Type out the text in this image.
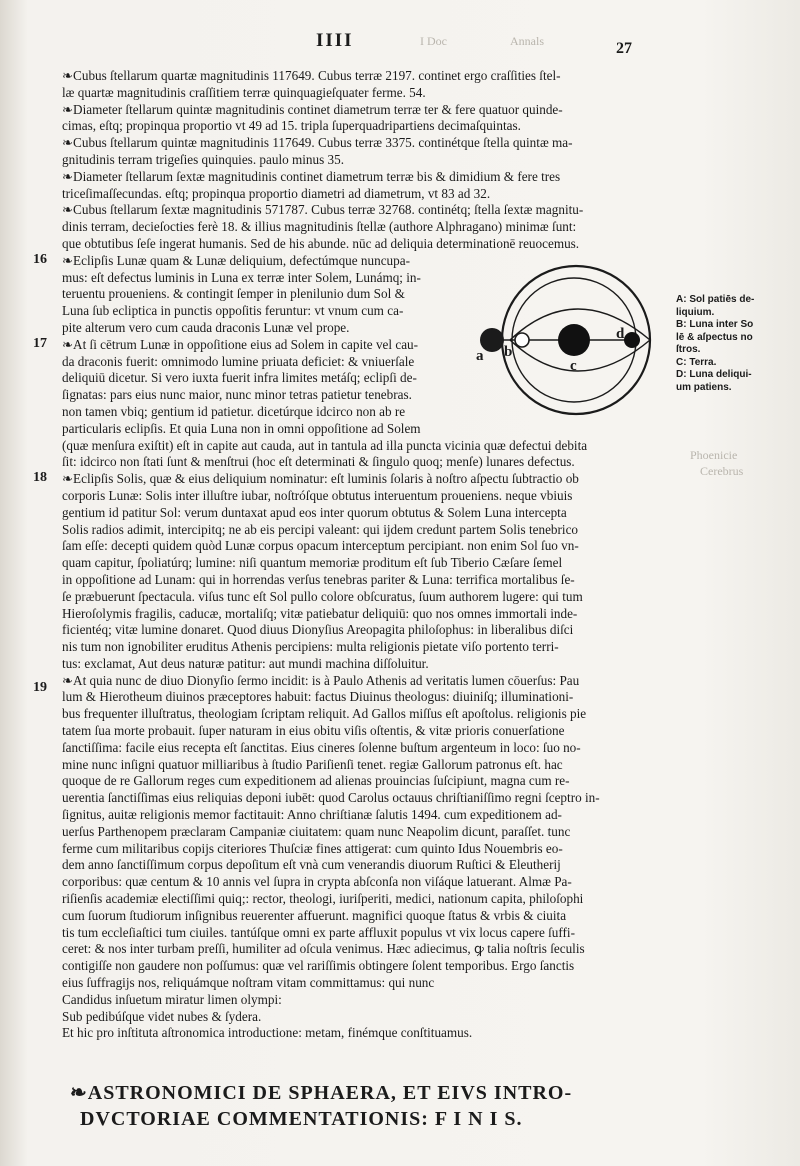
IIII	27
I Doc	Annals
Phoenicie
Cerebrus
16
17
18
19
❧Cubus ſtellarum quartæ magnitudinis 117649. Cubus terræ 2197. continet ergo craſſities ſtel-
læ quartæ magnitudinis craſſitiem terræ quinquagieſquater ferme. 54.
❧Diameter ſtellarum quintæ magnitudinis continet diametrum terræ ter & fere quatuor quinde-
cimas, eſtq; propinqua proportio vt 49 ad 15. tripla ſuperquadripartiens decimaſquintas.
❧Cubus ſtellarum quintæ magnitudinis 117649. Cubus terræ 3375. continétque ſtella quintæ ma-
gnitudinis terram trigeſies quinquies. paulo minus 35.
❧Diameter ſtellarum ſextæ magnitudinis continet diametrum terræ bis & dimidium & fere tres
triceſimaſſecundas. eſtq; propinqua proportio diametri ad diametrum, vt 83 ad 32.
❧Cubus ſtellarum ſextæ magnitudinis 571787. Cubus terræ 32768. continétq; ſtella ſextæ magnitu-
dinis terram, decieſocties ferè 18. & illius magnitudinis ſtellæ (authore Alphragano) minimæ ſunt:
que obtutibus ſeſe ingerat humanis. Sed de his abunde. nūc ad deliquia determinationē reuocemus.
❧Eclipſis Lunæ quam & Lunæ deliquium, defectúmque nuncupa-
mus: eſt defectus luminis in Luna ex terræ inter Solem, Lunámq; in-
teruentu proueniens. & contingit ſemper in plenilunio dum Sol &
Luna ſub ecliptica in punctis oppoſitis feruntur: vt vnum cum ca-
pite alterum vero cum cauda draconis Lunæ vel prope.
❧At ſi cētrum Lunæ in oppoſitione eius ad Solem in capite vel cau-
da draconis fuerit: omnimodo lumine priuata deficiet: & vniuerſale
deliquiū dicetur. Si vero iuxta fuerit infra limites metáſq; eclipſi de-
ſignatas: pars eius nunc maior, nunc minor tetras patietur tenebras.
non tamen vbiq; gentium id patietur. dicetúrque idcirco non ab re
particularis eclipſis. Et quia Luna non in omni oppoſitione ad Solem
(quæ menſura exiſtit) eſt in capite aut cauda, aut in tantula ad illa puncta vicinia quæ defectui debita
ſit: idcirco non ſtati ſunt & menſtrui (hoc eſt determinati & ſingulo quoq; menſe) lunares defectus.
❧Eclipſis Solis, quæ & eius deliquium nominatur: eſt luminis ſolaris à noſtro aſpectu ſubtractio ob
corporis Lunæ: Solis inter illuſtre iubar, noſtróſque obtutus interuentum proueniens. neque vbiuis
gentium id patitur Sol: verum duntaxat apud eos inter quorum obtutus & Solem Luna intercepta
Solis radios adimit, intercipitq; ne ab eis percipi valeant: qui ijdem credunt partem Solis tenebrico
ſam eſſe: decepti quidem quòd Lunæ corpus opacum interceptum percipiant. non enim Sol ſuo vn-
quam capitur, ſpoliatúrq; lumine: niſi quantum memoriæ proditum eſt ſub Tiberio Cæſare ſemel
in oppoſitione ad Lunam: qui in horrendas verſus tenebras pariter & Luna: terrifica mortalibus ſe-
ſe præbuerunt ſpectacula. viſus tunc eſt Sol pullo colore obſcuratus, ſuum authorem lugere: qui tum
Hieroſolymis fragilis, caducæ, mortaliſq; vitæ patiebatur deliquiū: quo nos omnes immortali inde-
ficientéq; vitæ lumine donaret. Quod diuus Dionyſius Areopagita philoſophus: in liberalibus diſci
nis tum non ignobiliter eruditus Athenis percipiens: multa religionis pietate viſo portento terri-
tus: exclamat, Aut deus naturæ patitur: aut mundi machina diſſoluitur.
❧At quia nunc de diuo Dionyſio ſermo incidit: is à Paulo Athenis ad veritatis lumen cōuerſus: Pau
lum & Hierotheum diuinos præceptores habuit: factus Diuinus theologus: diuiniſq; illuminationi-
bus frequenter illuſtratus, theologiam ſcriptam reliquit. Ad Gallos miſſus eſt apoſtolus. religionis pie
tatem ſua morte probauit. ſuper naturam in eius obitu viſis oſtentis, & vitæ prioris conuerſatione
ſanctiſſima: facile eius recepta eſt ſanctitas. Eius cineres ſolenne buſtum argenteum in loco: ſuo no-
mine nunc inſigni quatuor milliaribus à ſtudio Pariſienſi tenet. regiæ Gallorum patronus eſt. hac
quoque de re Gallorum reges cum expeditionem ad alienas prouincias ſuſcipiunt, magna cum re-
uerentia ſanctiſſimas eius reliquias deponi iubēt: quod Carolus octauus chriſtianiſſimo regni ſceptro in-
ſignitus, auitæ religionis memor factitauit: Anno chriſtianæ ſalutis 1494. cum expeditionem ad-
uerſus Parthenopem præclaram Campaniæ ciuitatem: quam nunc Neapolim dicunt, paraſſet. tunc
ferme cum militaribus copijs citeriores Thuſciæ fines attigerat: cum quinto Idus Nouembris eo-
dem anno ſanctiſſimum corpus depoſitum eſt vnà cum venerandis diuorum Ruſtici & Eleutherij
corporibus: quæ centum & 10 annis vel ſupra in crypta abſconſa non viſáque latuerant. Almæ Pa-
riſienſis academiæ electiſſimi quiq;: rector, theologi, iuriſperiti, medici, nationum capita, philoſophi
cum ſuorum ſtudiorum inſignibus reuerenter affuerunt. magnifici quoque ſtatus & vrbis & ciuita
tis tum eccleſiaſtici tum ciuiles. tantúſque omni ex parte affluxit populus vt vix locus capere ſuffi-
ceret: & nos inter turbam preſſi, humiliter ad oſcula venimus. Hæc adiecimus, ꝙ talia noſtris ſeculis
contigiſſe non gaudere non poſſumus: quæ vel rariſſimis obtingere ſolent temporibus. Ergo ſanctis
eius ſuffragijs nos, reliquámque noſtram vitam committamus: qui nunc
Candidus inſuetum miratur limen olympi:
Sub pedibúſque videt nubes & ſydera.
Et hic pro inſtituta aſtronomica introductione: metam, finémque conſtituamus.
a b
c
d
A: Sol patiēs de-
liquium.
B: Luna inter So
lē & aſpectus no
ſtros.
C: Terra.
D: Luna deliqui-
um patiens.
❧ASTRONOMICI DE SPHAERA, ET EIVS INTRO-
DVCTORIAE COMMENTATIONIS: F I N I S.
